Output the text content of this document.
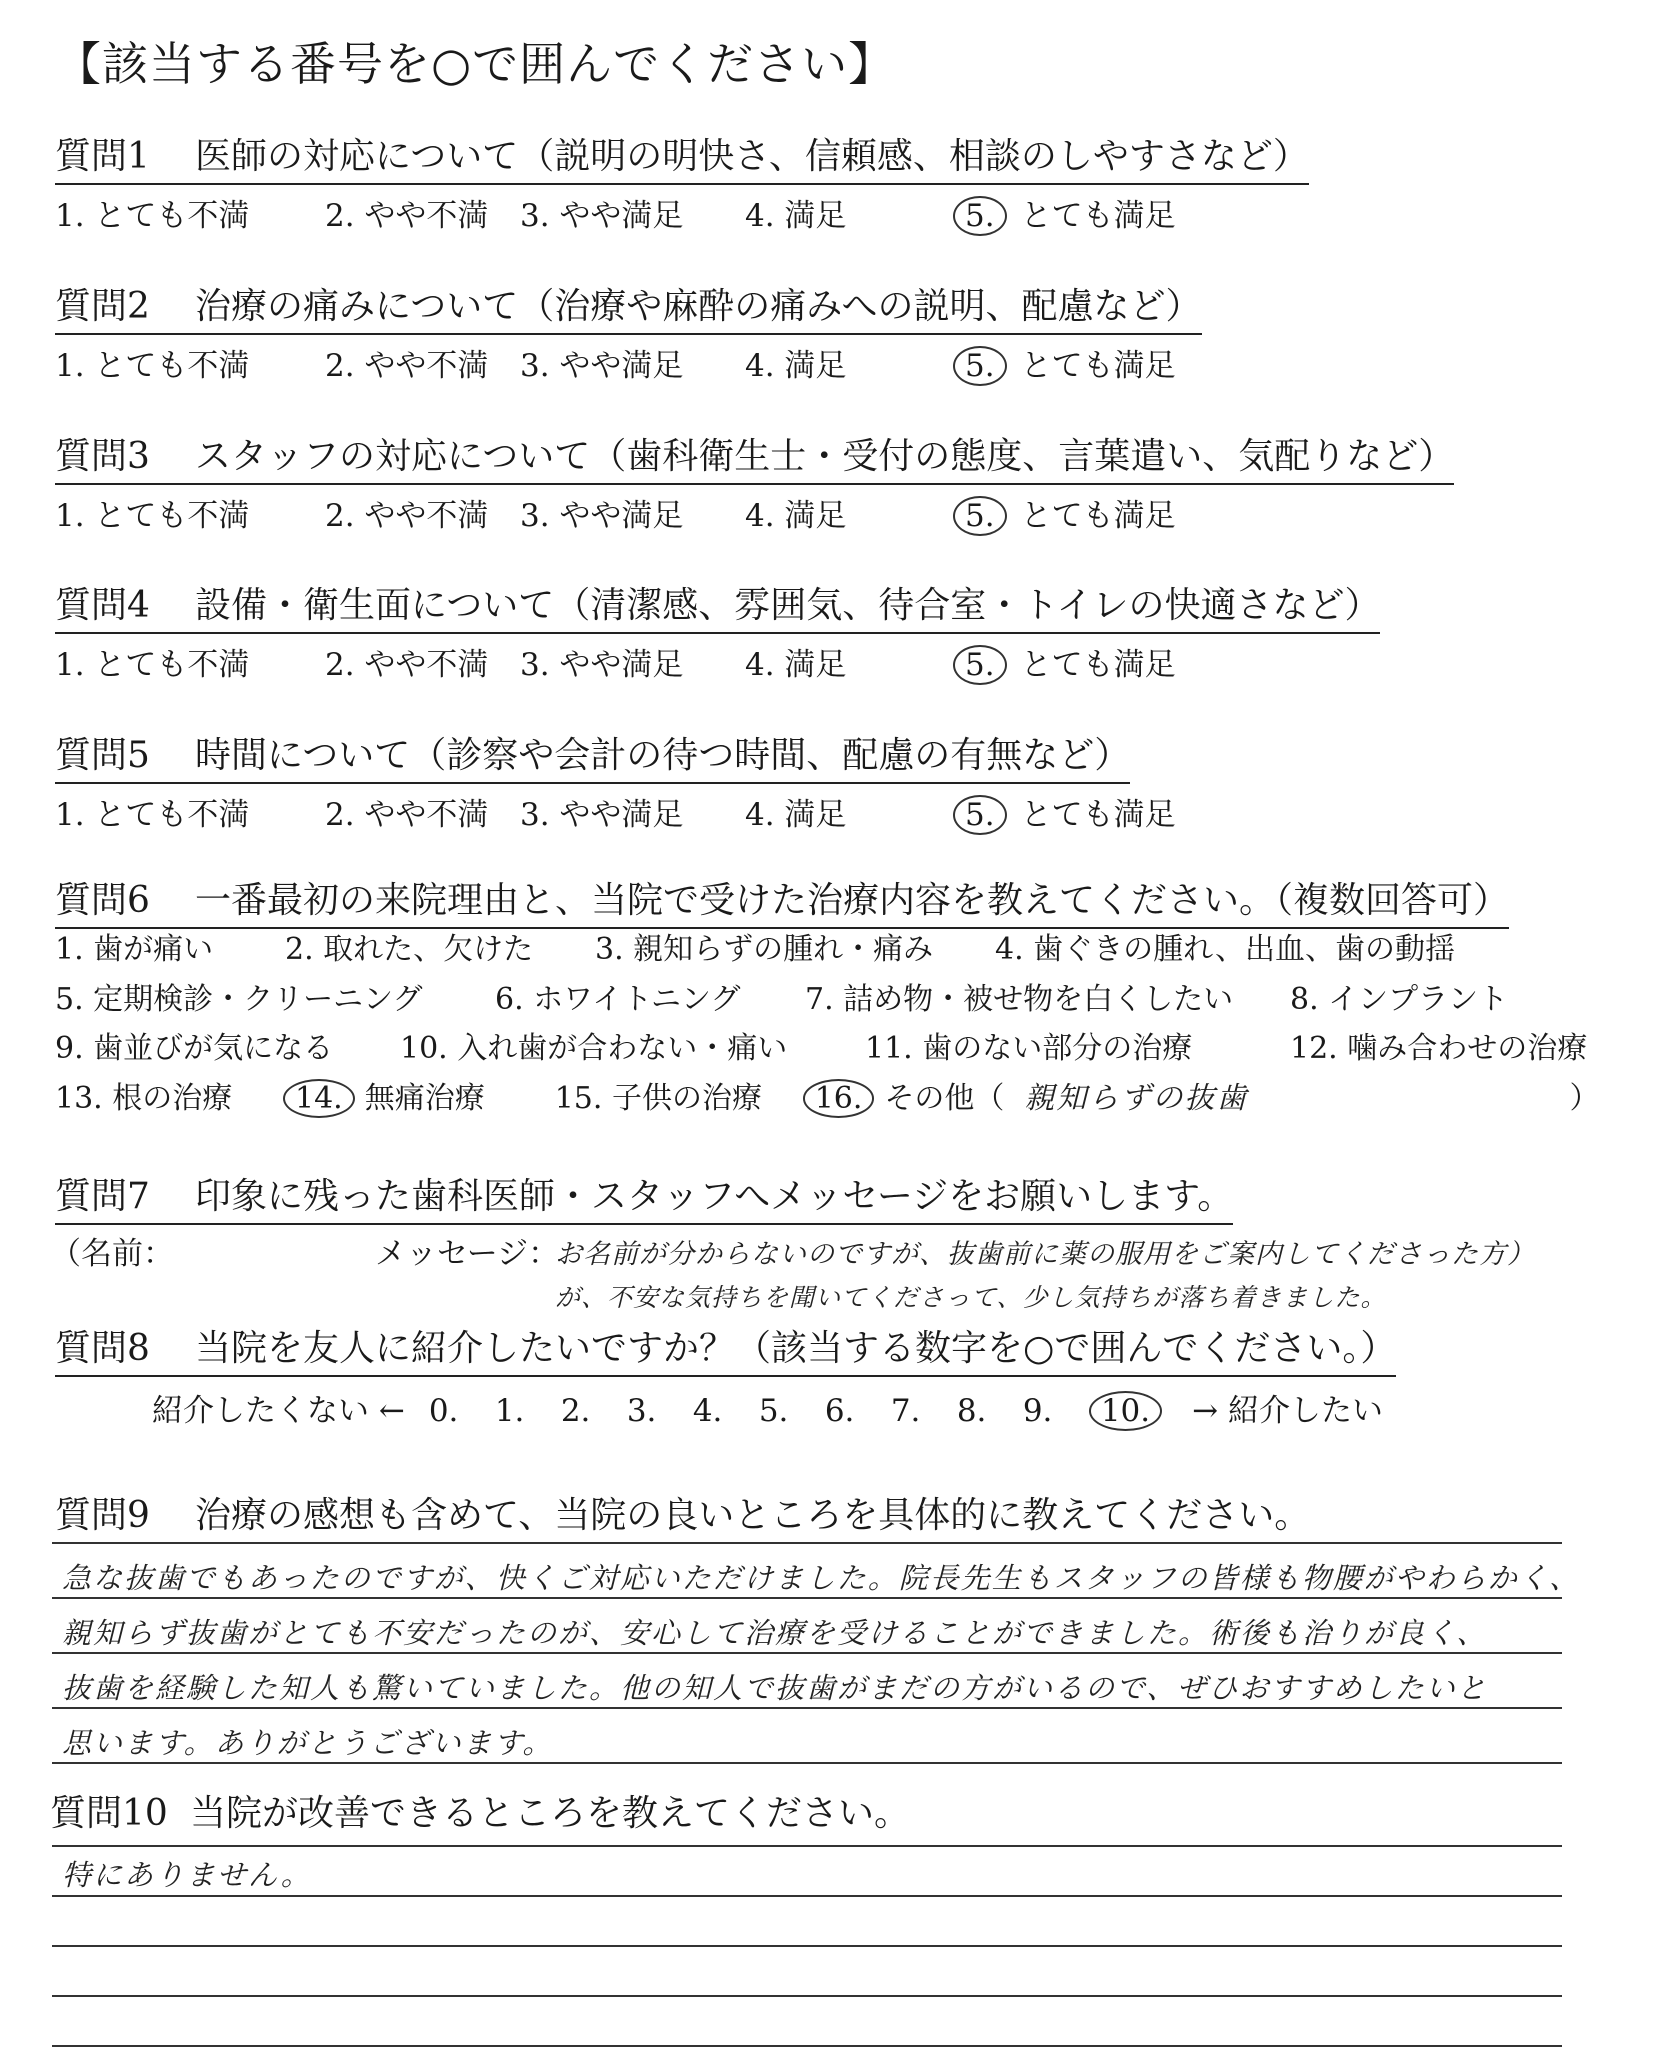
【該当する番号を○で囲んでください】
質問1 医師の対応について（説明の明快さ、信頼感、相談のしやすさなど）
1. とても不満 2. やや不満 3. やや満足 4. 満足	5. とても満足
質問2 治療の痛みについて（治療や麻酔の痛みへの説明、配慮など）
1. とても不満 2. やや不満 3. やや満足 4. 満足	5. とても満足
質問3 スタッフの対応について（歯科衛生士・受付の態度、言葉遣い、気配りなど）
1. とても不満 2. やや不満 3. やや満足 4. 満足	5. とても満足
質問4 設備・衛生面について（清潔感、雰囲気、待合室・トイレの快適さなど）
1. とても不満 2. やや不満 3. やや満足 4. 満足	5. とても満足
質問5 時間について（診察や会計の待つ時間、配慮の有無など）
1. とても不満 2. やや不満 3. やや満足 4. 満足	5. とても満足
質問6 一番最初の来院理由と、当院で受けた治療内容を教えてください。（複数回答可）
1. 歯が痛い 2. 取れた、欠けた 3. 親知らずの腫れ・痛み 4. 歯ぐきの腫れ、出血、歯の動揺
5. 定期検診・クリーニング 6. ホワイトニング 7. 詰め物・被せ物を白くしたい 8. インプラント
9. 歯並びが気になる 10. 入れ歯が合わない・痛い	11. 歯のない部分の治療	12. 噛み合わせの治療
13. 根の治療 14. 無痛治療 15. 子供の治療 16. その他（ 親知らずの抜歯	）
質問7 印象に残った歯科医師・スタッフへメッセージをお願いします。
（名前：	メッセージ：
お名前が分からないのですが、抜歯前に薬の服用をご案内してくださった方）
が、不安な気持ちを聞いてくださって、少し気持ちが落ち着きました。
質問8 当院を友人に紹介したいですか？（該当する数字を○で囲んでください。）
紹介したくない ← 0. 1. 2. 3. 4. 5. 6. 7. 8. 9. 10. → 紹介したい
質問9 治療の感想も含めて、当院の良いところを具体的に教えてください。
急な抜歯でもあったのですが、快くご対応いただけました。院長先生もスタッフの皆様も物腰がやわらかく、
親知らず抜歯がとても不安だったのが、安心して治療を受けることができました。術後も治りが良く、
抜歯を経験した知人も驚いていました。他の知人で抜歯がまだの方がいるので、ぜひおすすめしたいと
思います。ありがとうございます。
質問10 当院が改善できるところを教えてください。
特にありません。
